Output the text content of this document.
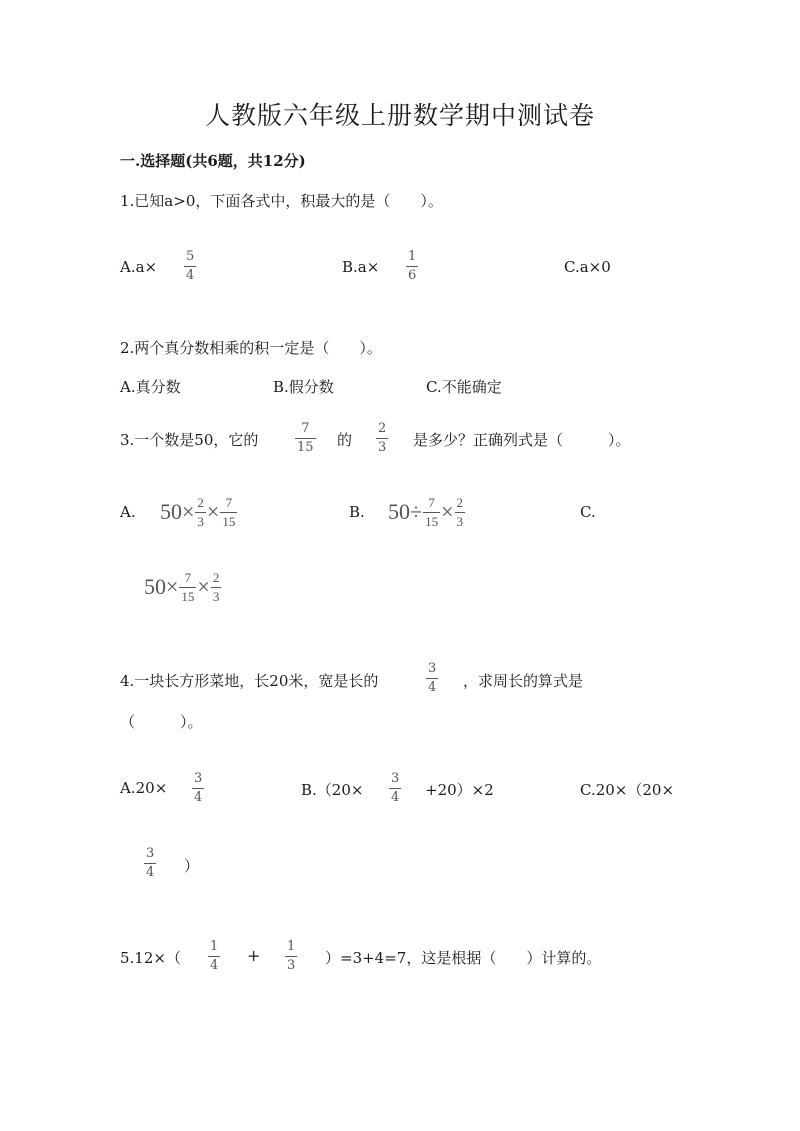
人教版六年级上册数学期中测试卷
一.选择题(共6题，共12分)
1.已知a>0，下面各式中，积最大的是（　　）。
A.a×
5
4	B.a×
1
6	C.a×0
2.两个真分数相乘的积一定是（　　）。
A.真分数	B.假分数	C.不能确定
3.一个数是50，它的
7
15 的
2
3 是多少？正确列式是（　　　）。
A. $50 \times \frac{2}{3} \times \frac{7}{15}$	B. $50 \div \frac{7}{15} \times \frac{2}{3}$	C.
$50 \times \frac{7}{15} \times \frac{2}{3}$
4.一块长方形菜地，长20米，宽是长的
3
4 ，求周长的算式是
（　　　）。
A.20×
3
4	B.（20×
3
4 +20）×2	C.20×（20×
3
4 ）
5.12×（
1
4
+ 1
3 ）=3+4=7，这是根据（　　）计算的。
